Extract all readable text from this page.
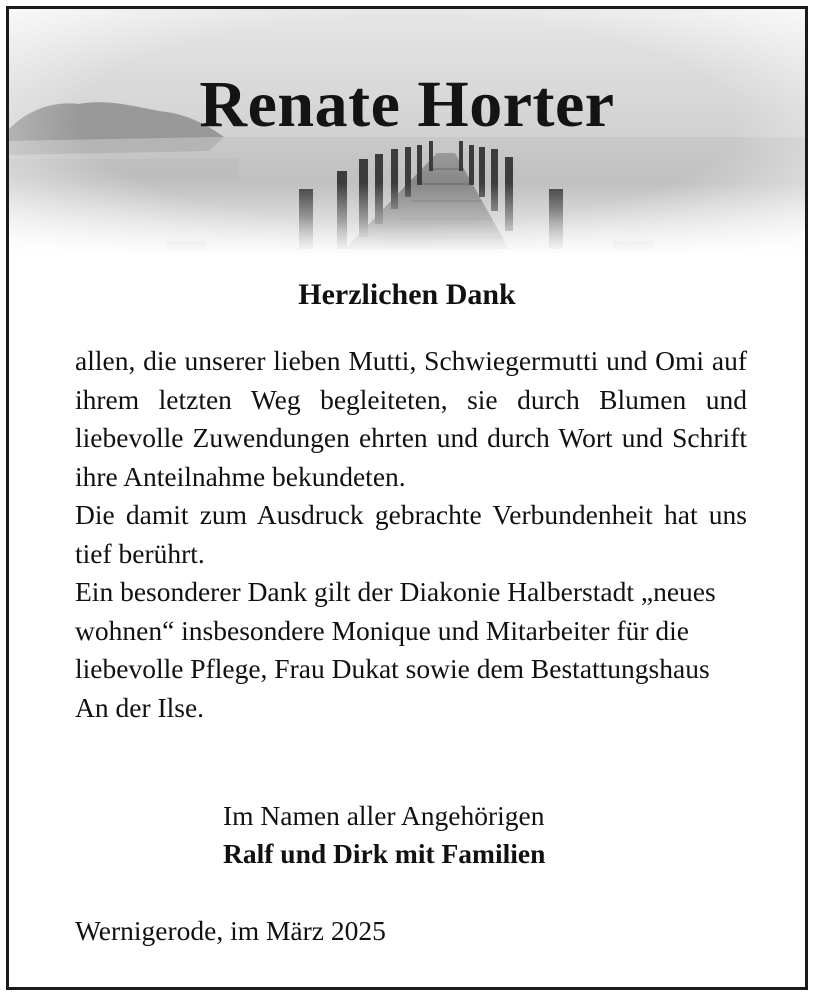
Renate Horter
Herzlichen Dank

allen, die unserer lieben Mutti, Schwiegermutti und Omi auf ihrem letzten Weg begleiteten, sie durch Blumen und liebevolle Zuwendungen ehrten und durch Wort und Schrift ihre Anteilnahme bekundeten.

Die damit zum Ausdruck gebrachte Verbundenheit hat uns tief berührt.

Ein besonderer Dank gilt der Diakonie Halberstadt „neues wohnen“ insbesondere Monique und Mitarbeiter für die liebevolle Pflege, Frau Dukat sowie dem Bestattungshaus An der Ilse.

Im Namen aller Angehörigen
Ralf und Dirk mit Familien

Wernigerode, im März 2025
